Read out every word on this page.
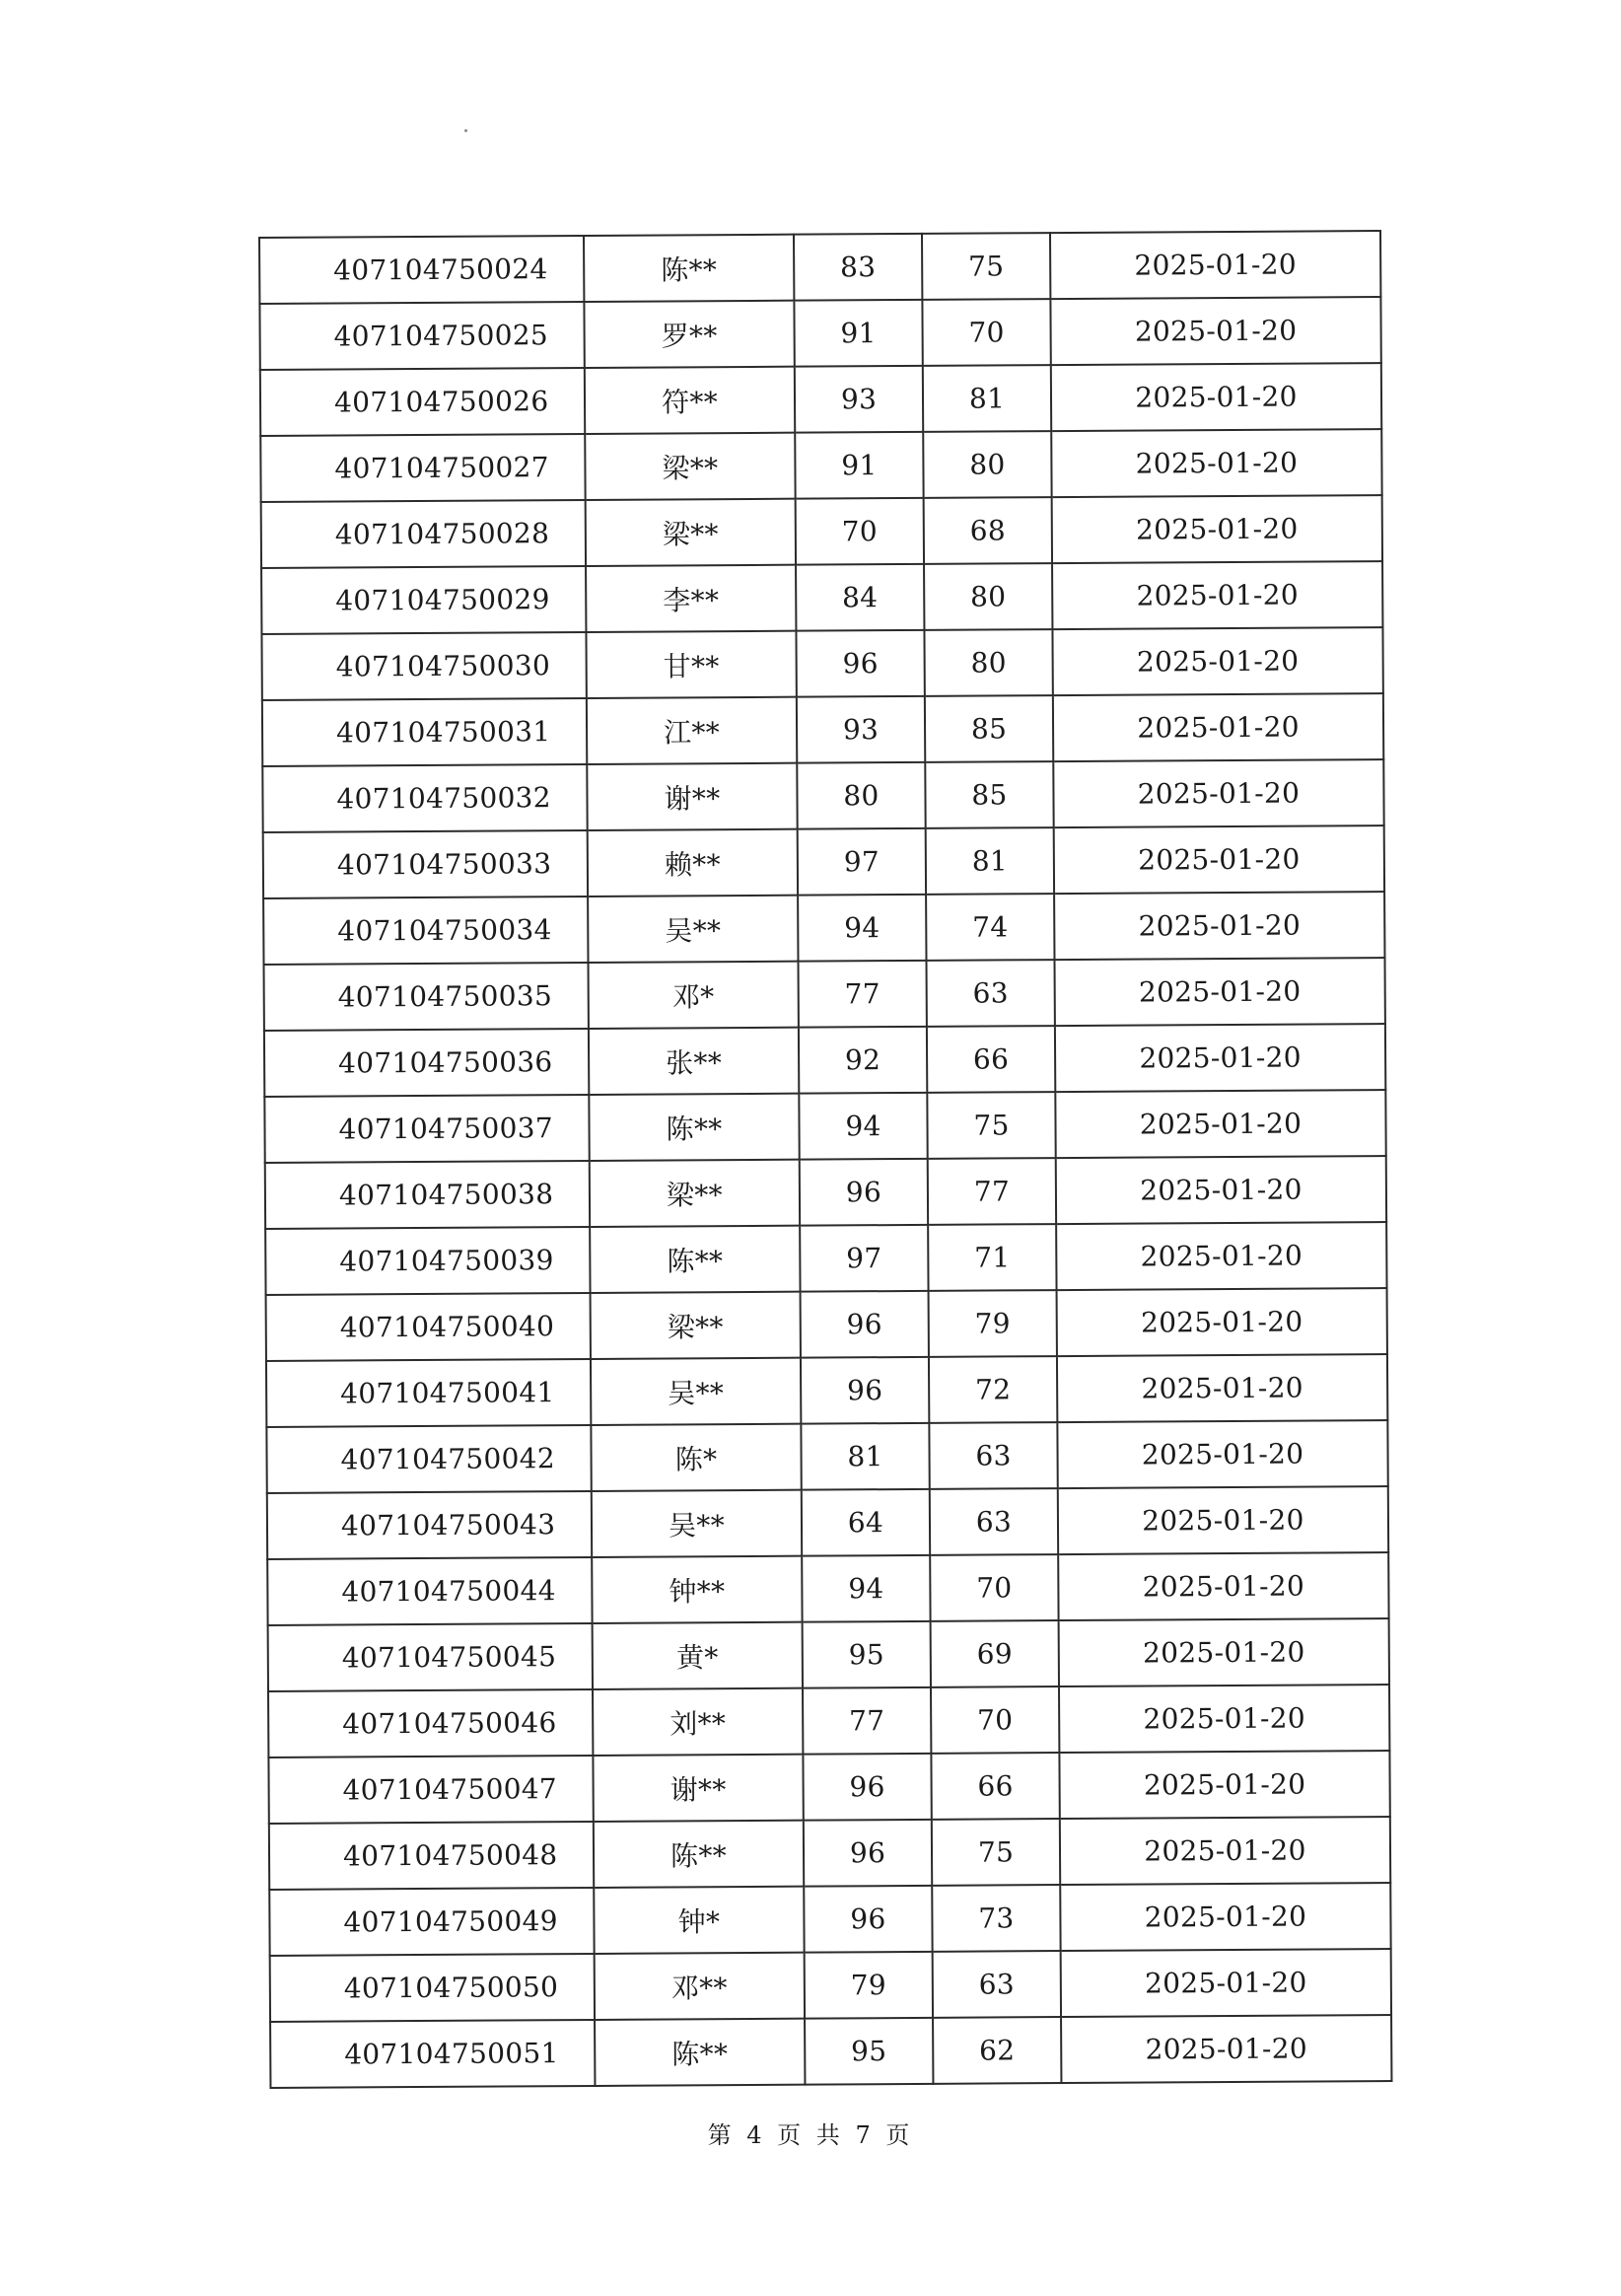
407104750024	陈**	83	75	2025-01-20
407104750025	罗**	91	70	2025-01-20
407104750026	符**	93	81	2025-01-20
407104750027	梁**	91	80	2025-01-20
407104750028	梁**	70	68	2025-01-20
407104750029	李**	84	80	2025-01-20
407104750030	甘**	96	80	2025-01-20
407104750031	江**	93	85	2025-01-20
407104750032	谢**	80	85	2025-01-20
407104750033	赖**	97	81	2025-01-20
407104750034	吴**	94	74	2025-01-20
407104750035	邓*	77	63	2025-01-20
407104750036	张**	92	66	2025-01-20
407104750037	陈**	94	75	2025-01-20
407104750038	梁**	96	77	2025-01-20
407104750039	陈**	97	71	2025-01-20
407104750040	梁**	96	79	2025-01-20
407104750041	吴**	96	72	2025-01-20
407104750042	陈*	81	63	2025-01-20
407104750043	吴**	64	63	2025-01-20
407104750044	钟**	94	70	2025-01-20
407104750045	黄*	95	69	2025-01-20
407104750046	刘**	77	70	2025-01-20
407104750047	谢**	96	66	2025-01-20
407104750048	陈**	96	75	2025-01-20
407104750049	钟*	96	73	2025-01-20
407104750050	邓**	79	63	2025-01-20
407104750051	陈**	95	62	2025-01-20
第 4 页 共 7 页
